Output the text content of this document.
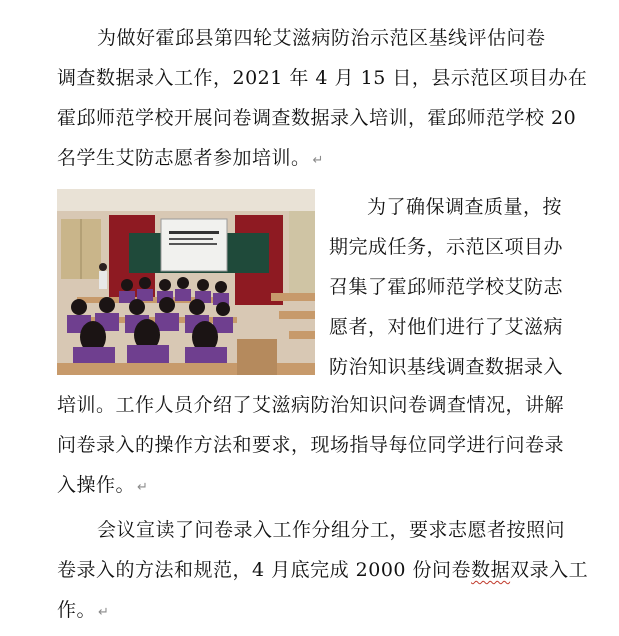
为做好霍邱县第四轮艾滋病防治示范区基线评估问卷
调查数据录入工作，2021 年 4 月 15 日，县示范区项目办在
霍邱师范学校开展问卷调查数据录入培训，霍邱师范学校 20
名学生艾防志愿者参加培训。 ↵
为了确保调查质量，按
期完成任务，示范区项目办
召集了霍邱师范学校艾防志
愿者，对他们进行了艾滋病
防治知识基线调查数据录入
培训。工作人员介绍了艾滋病防治知识问卷调查情况，讲解
问卷录入的操作方法和要求，现场指导每位同学进行问卷录
入操作。 ↵
会议宣读了问卷录入工作分组分工，要求志愿者按照问
卷录入的方法和规范，4 月底完成 2000 份问卷数据双录入工
作。 ↵
